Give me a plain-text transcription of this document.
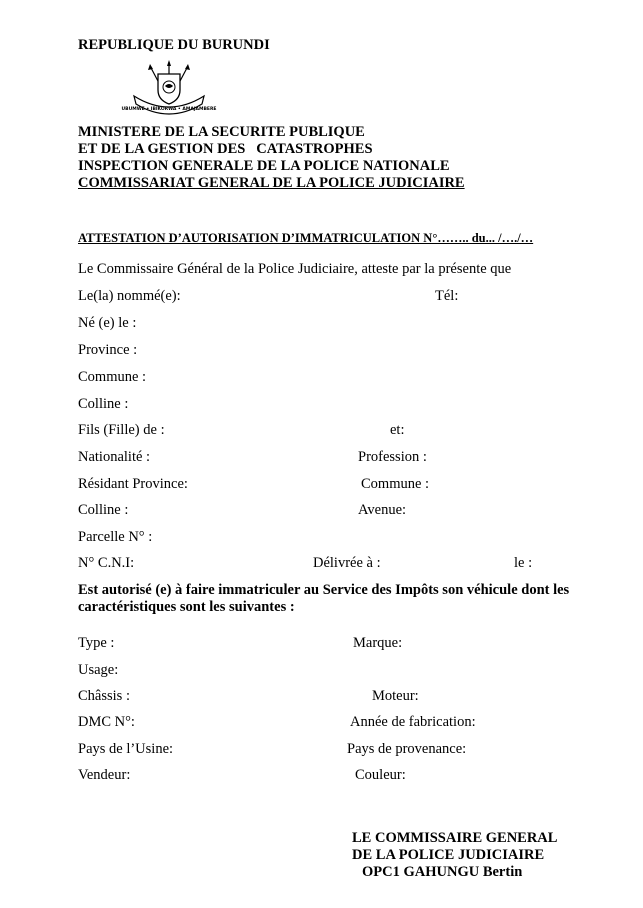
REPUBLIQUE DU BURUNDI
UBUMWE • IBIKORWA • AMAJAMBERE
MINISTERE DE LA SECURITE PUBLIQUE
ET DE LA GESTION DES   CATASTROPHES
INSPECTION GENERALE DE LA POLICE NATIONALE
COMMISSARIAT GENERAL DE LA POLICE JUDICIAIRE
ATTESTATION D’AUTORISATION D’IMMATRICULATION N°…….. du... /…./…
Le Commissaire Général de la Police Judiciaire, atteste par la présente que
Le(la) nommé(e):	Tél:
Né (e) le :
Province :
Commune :
Colline :
Fils (Fille) de :	et:
Nationalité :	Profession :
Résidant Province:	Commune :
Colline :	Avenue:
Parcelle N° :
N° C.N.I:	Délivrée à :	le :
Est autorisé (e) à faire immatriculer au Service des Impôts son véhicule dont les
caractéristiques sont les suivantes :
Type :	Marque:
Usage:
Châssis :	Moteur:
DMC N°:	Année de fabrication:
Pays de l’Usine:	Pays de provenance:
Vendeur:	Couleur:
LE COMMISSAIRE GENERAL
DE LA POLICE JUDICIAIRE
OPC1 GAHUNGU Bertin
